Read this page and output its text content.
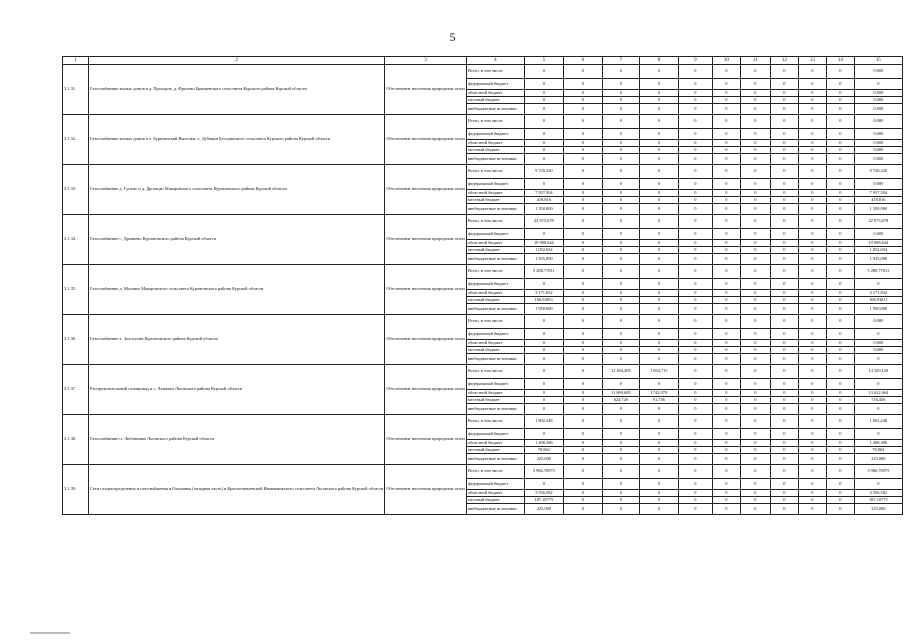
5
1	2	3	4	5	6	7	8	9	10	11	12	13	14	15
3.1.31.	Газоснабжение жилых домов в д. Прохоров, д. Фролово Брянцевского сельсовета Курского района Курской области	Обеспечение населения природным газом	Всего, в том числе	0	0	0	0	0	0	0	0	0	0	0,000
			федеральный бюджет	0	0	0	0	0	0	0	0	0	0	0
			областной бюджет	0	0	0	0	0	0	0	0	0	0	0,000
			местный бюджет	0	0	0	0	0	0	0	0	0	0	0,000
			внебюджетные источники	0	0	0	0	0	0	0	0	0	0	0,000
3.1.32.	Газоснабжение жилых домов в х. Бурятинский Выселки, х. Дубняки Бесединского сельсовета Курского района Курской области	Обеспечение населения природным газом	Всего, в том числе	0	0	0	0	0	0	0	0	0	0	0,000
			федеральный бюджет	0	0	0	0	0	0	0	0	0	0	0,000
			областной бюджет	0	0	0	0	0	0	0	0	0	0	0,000
			местный бюджет	0	0	0	0	0	0	0	0	0	0	0,000
			внебюджетные источники	0	0	0	0	0	0	0	0	0	0	0,000
3.1.33.	Газоснабжение д. Гупово и д. Дрозацко Макаровского сельсовета Курчатовского района Курской области	Обеспечение населения природным газом	Всего, в том числе	9 726,320	0	0	0	0	0	0	0	0	0	9 726,320
			федеральный бюджет	0	0	0	0	0	0	0	0	0	0	0,000
			областной бюджет	7 957,504	0	0	0	0	0	0	0	0	0	7 957,504
			местный бюджет	418,816	0	0	0	0	0	0	0	0	0	418,816
			внебюджетные источники	1 350,000	0	0	0	0	0	0	0	0	0	1 350,000
3.1.34.	Газоснабжение с. Дроняево Курчатовского района Курской области	Обеспечение населения природным газом	Всего, в том числе	22 975,678	0	0	0	0	0	0	0	0	0	22 975,678
			федеральный бюджет	0	0	0	0	0	0	0	0	0	0	0,000
			областной бюджет	19 988,644	0	0	0	0	0	0	0	0	0	19 988,644
			местный бюджет	1 052,034	0	0	0	0	0	0	0	0	0	1 052,034
			внебюджетные источники	1 935,000	0	0	0	0	0	0	0	0	0	1 935,000
3.1.35.	Газоснабжение д. Моховое Макаровского сельсовета Курчатовского района Курской области	Обеспечение населения природным газом	Всего, в том числе	5 288,77011	0	0	0	0	0	0	0	0	0	5 288,77011
			федеральный бюджет	0	0	0	0	0	0	0	0	0	0	0
			областной бюджет	3 171,832	0	0	0	0	0	0	0	0	0	3 171,832
			местный бюджет	166,93811	0	0	0	0	0	0	0	0	0	166,93811
			внебюджетные источники	1 950,000	0	0	0	0	0	0	0	0	0	1 950,000
3.1.36.	Газоснабжение х. Золотухин Курчатовского района Курской области	Обеспечение населения природным газом	Всего, в том числе	0	0	0	0	0	0	0	0	0	0	0,000
			федеральный бюджет	0	0	0	0	0	0	0	0	0	0	0
			областной бюджет	0	0	0	0	0	0	0	0	0	0	0,000
			местный бюджет	0	0	0	0	0	0	0	0	0	0	0,000
			внебюджетные источники	0	0	0	0	0	0	0	0	0	0	0
3.1.37.	Распределительный газопровод в с. Лежачки Льговского района Курской области	Обеспечение населения природным газом	Всего, в том числе	0	0	12 494,405	1 834,715	0	0	0	0	0	0	14 329,120
			федеральный бюджет	0	0	0	0	0	0	0	0	0	0	0
			областной бюджет	0	0	11 869,685	1742,979	0	0	0	0	0	0	13 612,664
			местный бюджет	0	0	624,720	91,736	0	0	0	0	0	0	716,456
			внебюджетные источники	0	0	0	0	0	0	0	0	0	0	0
3.1.38.	Газоснабжение п. Любимовка Льговского района Курской области	Обеспечение населения природным газом	Всего, в том числе	1 802,248	0	0	0	0	0	0	0	0	0	1 802,248
			федеральный бюджет	0	0	0	0	0	0	0	0	0	0	0
			областной бюджет	1 498,386	0	0	0	0	0	0	0	0	0	1 498,386
			местный бюджет	78,862	0	0	0	0	0	0	0	0	0	78,862
			внебюджетные источники	225,000	0	0	0	0	0	0	0	0	0	225,000
3.1.39.	Сети газораспределения и газоснабжения в Ольшанка (западная часть) и Краснознаменской Иванчиковского сельсовета Льговского района Курской области	Обеспечение населения природным газом	Всего, в том числе	3 966,76975	0	0	0	0	0	0	0	0	0	3 966,76975
			федеральный бюджет	0	0	0	0	0	0	0	0	0	0	0
			областной бюджет	3 556,582	0	0	0	0	0	0	0	0	0	3 556,582
			местный бюджет	187,18775	0	0	0	0	0	0	0	0	0	187,18775
			внебюджетные источники	225,000	0	0	0	0	0	0	0	0	0	225,000
